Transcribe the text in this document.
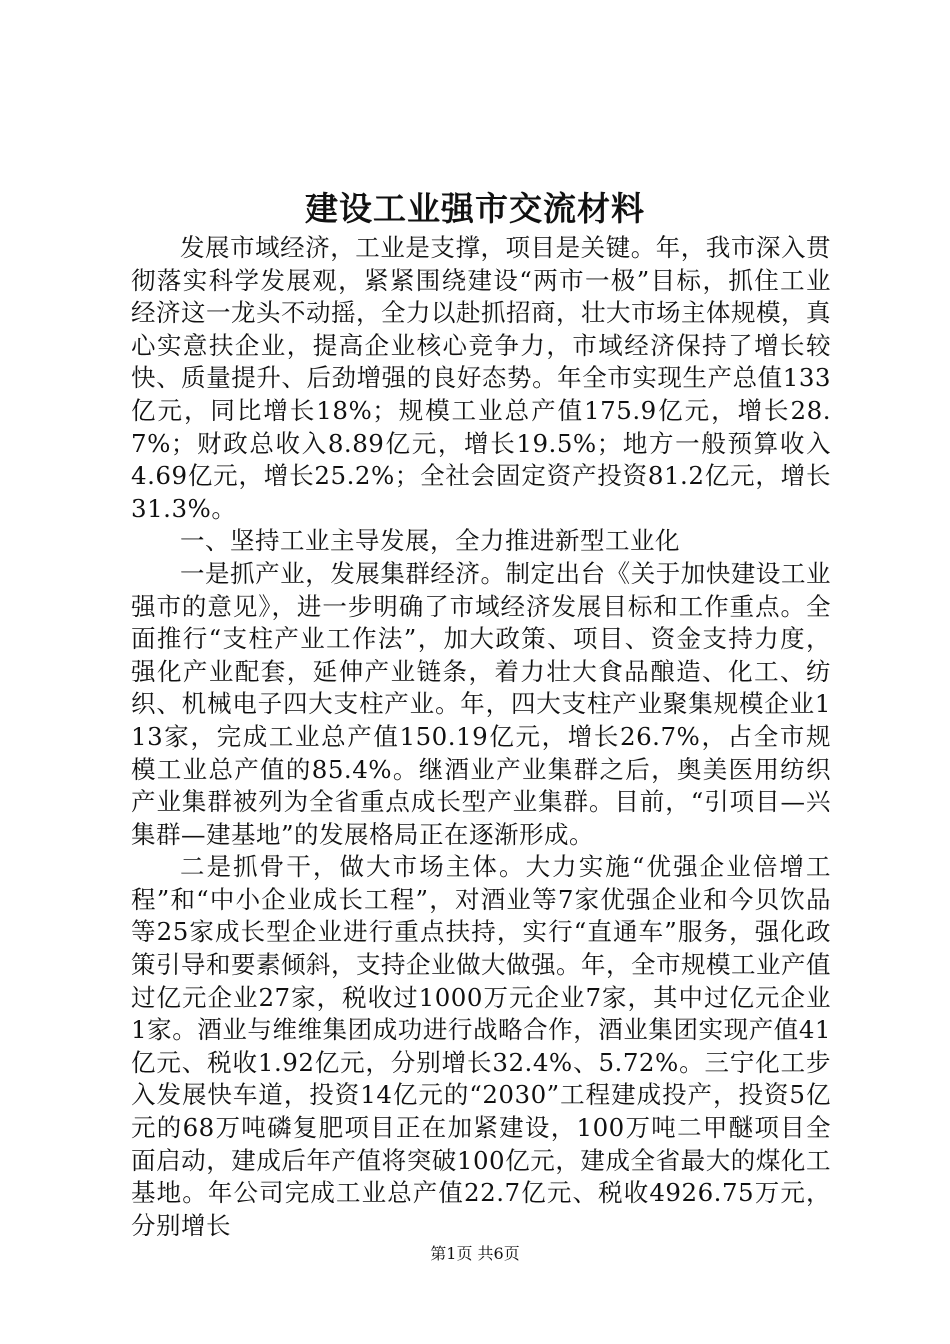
建设工业强市交流材料

发展市域经济，工业是支撑，项目是关键。年，我市深入贯彻落实科学发展观，紧紧围绕建设“两市一极”目标，抓住工业经济这一龙头不动摇，全力以赴抓招商，壮大市场主体规模，真心实意扶企业，提高企业核心竞争力，市域经济保持了增长较快、质量提升、后劲增强的良好态势。年全市实现生产总值133亿元，同比增长18%；规模工业总产值175.9亿元，增长28.7%；财政总收入8.89亿元，增长19.5%；地方一般预算收入4.69亿元，增长25.2%；全社会固定资产投资81.2亿元，增长31.3%。

一、坚持工业主导发展，全力推进新型工业化

一是抓产业，发展集群经济。制定出台《关于加快建设工业强市的意见》，进一步明确了市域经济发展目标和工作重点。全面推行“支柱产业工作法”，加大政策、项目、资金支持力度，强化产业配套，延伸产业链条，着力壮大食品酿造、化工、纺织、机械电子四大支柱产业。年，四大支柱产业聚集规模企业113家，完成工业总产值150.19亿元，增长26.7%，占全市规模工业总产值的85.4%。继酒业产业集群之后，奥美医用纺织产业集群被列为全省重点成长型产业集群。目前，“引项目—兴集群—建基地”的发展格局正在逐渐形成。

二是抓骨干，做大市场主体。大力实施“优强企业倍增工程”和“中小企业成长工程”，对酒业等7家优强企业和今贝饮品等25家成长型企业进行重点扶持，实行“直通车”服务，强化政策引导和要素倾斜，支持企业做大做强。年，全市规模工业产值过亿元企业27家，税收过1000万元企业7家，其中过亿元企业1家。酒业与维维集团成功进行战略合作，酒业集团实现产值41亿元、税收1.92亿元，分别增长32.4%、5.72%。三宁化工步入发展快车道，投资14亿元的“2030”工程建成投产，投资5亿元的68万吨磷复肥项目正在加紧建设，100万吨二甲醚项目全面启动，建成后年产值将突破100亿元，建成全省最大的煤化工基地。年公司完成工业总产值22.7亿元、税收4926.75万元，分别增长

第1页 共6页
